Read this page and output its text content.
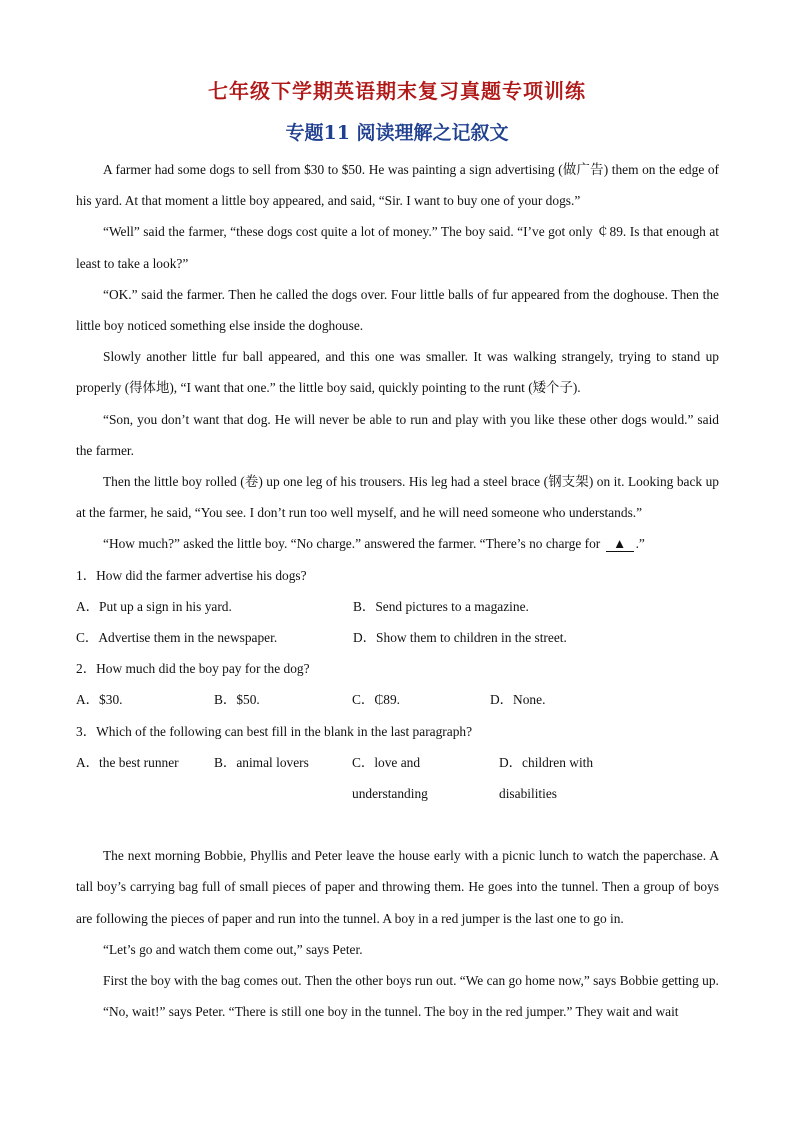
七年级下学期英语期末复习真题专项训练
专题11 阅读理解之记叙文

A farmer had some dogs to sell from $30 to $50. He was painting a sign advertising (做广告) them on the edge of his yard. At that moment a little boy appeared, and said, “Sir. I want to buy one of your dogs.”

“Well” said the farmer, “these dogs cost quite a lot of money.” The boy said. “I’ve got only ￠89. Is that enough at least to take a look?”

“OK.” said the farmer. Then he called the dogs over. Four little balls of fur appeared from the doghouse. Then the little boy noticed something else inside the doghouse.

Slowly another little fur ball appeared, and this one was smaller. It was walking strangely, trying to stand up properly (得体地), “I want that one.” the little boy said, quickly pointing to the runt (矮个子).

“Son, you don’t want that dog. He will never be able to run and play with you like these other dogs would.” said the farmer.

Then the little boy rolled (卷) up one leg of his trousers. His leg had a steel brace (钢支架) on it. Looking back up at the farmer, he said, “You see. I don’t run too well myself, and he will need someone who understands.”

“How much?” asked the little boy. “No charge.” answered the farmer. “There’s no charge for ▲ .”

1．How did the farmer advertise his dogs?

A．Put up a sign in his yard.	B．Send pictures to a magazine.
C．Advertise them in the newspaper.	D．Show them to children in the street.

2．How much did the boy pay for the dog?

A．$30.	B．$50.	C．₵89.	D．None.

3．Which of the following can best fill in the blank in the last paragraph?

A．the best runner	B．animal lovers	C．love and understanding
D．children with disabilities

The next morning Bobbie, Phyllis and Peter leave the house early with a picnic lunch to watch the paperchase. A tall boy’s carrying bag full of small pieces of paper and throwing them. He goes into the tunnel. Then a group of boys are following the pieces of paper and run into the tunnel. A boy in a red jumper is the last one to go in.

“Let’s go and watch them come out,” says Peter.

First the boy with the bag comes out. Then the other boys run out. “We can go home now,” says Bobbie getting up.

“No, wait!” says Peter. “There is still one boy in the tunnel. The boy in the red jumper.” They wait and wait
